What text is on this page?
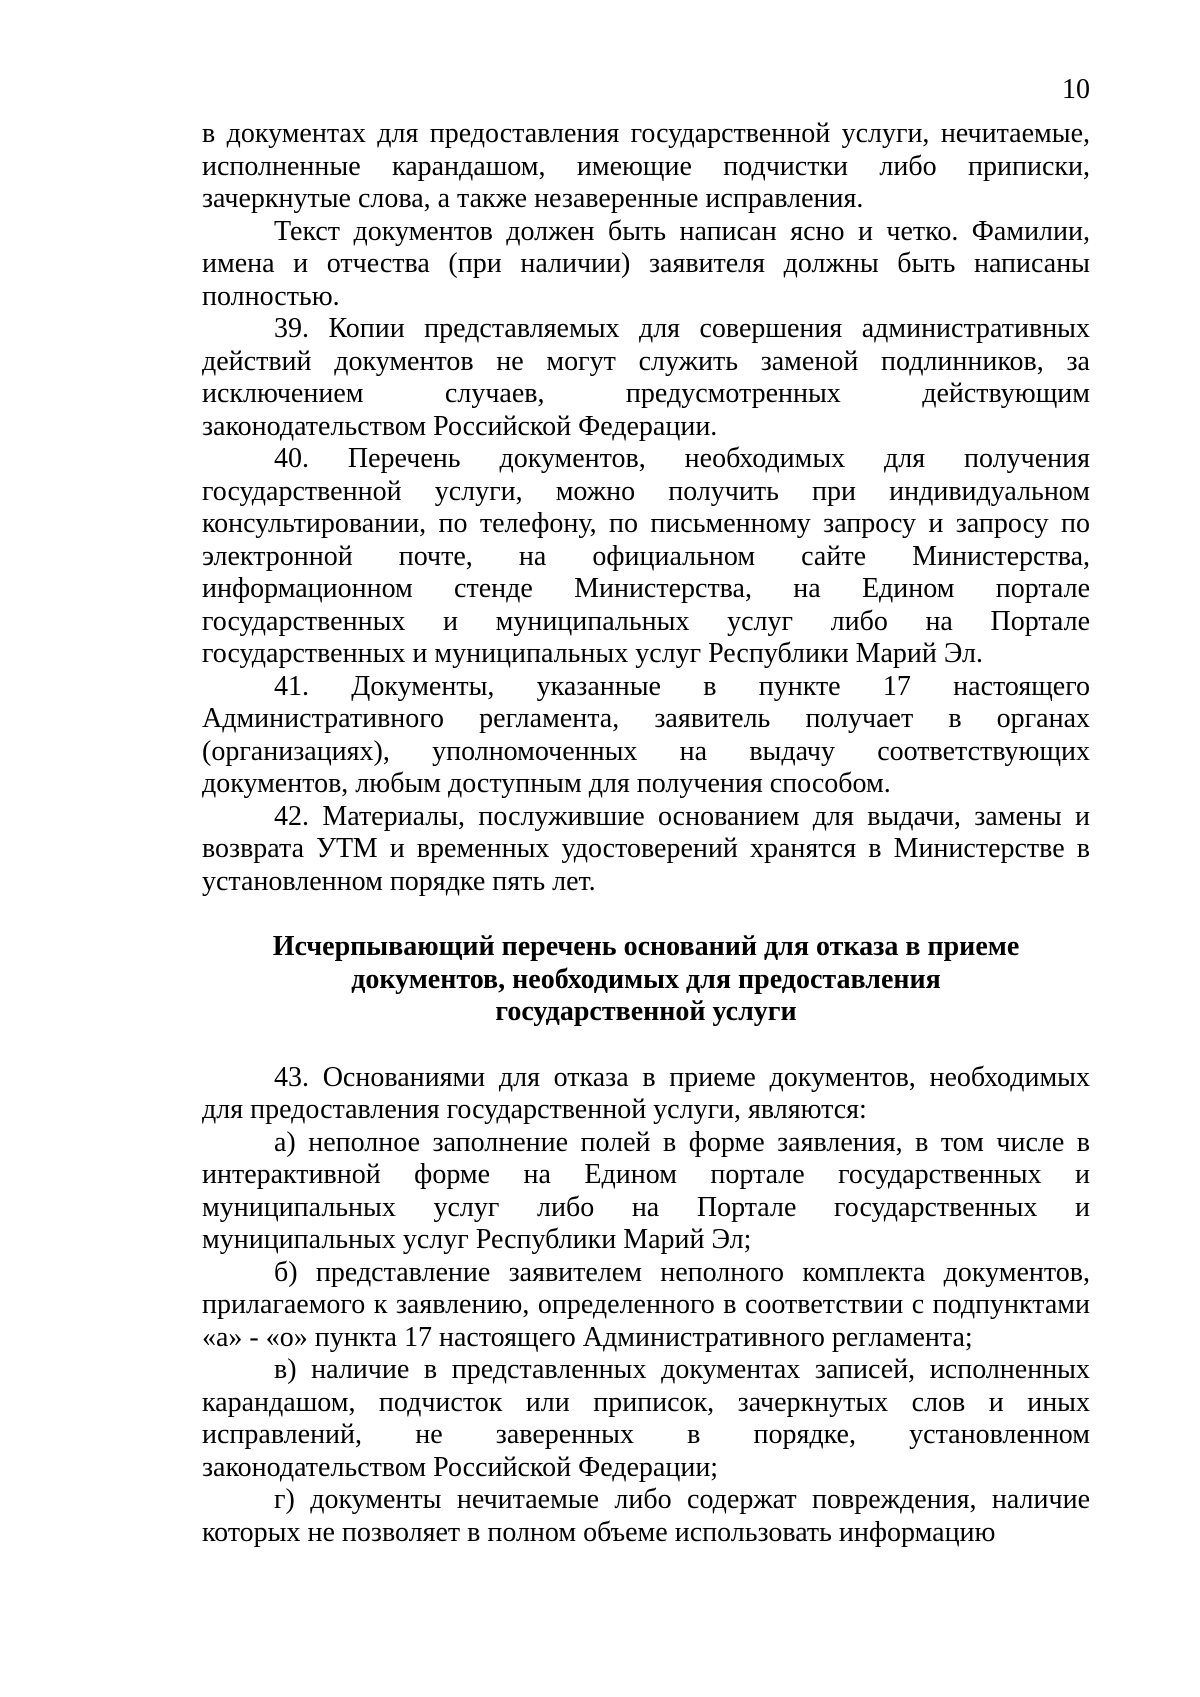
10

в документах для предоставления государственной услуги, нечитаемые, исполненные карандашом, имеющие подчистки либо приписки, зачеркнутые слова, а также незаверенные исправления.

Текст документов должен быть написан ясно и четко. Фамилии, имена и отчества (при наличии) заявителя должны быть написаны полностью.

39. Копии представляемых для совершения административных действий документов не могут служить заменой подлинников, за исключением случаев, предусмотренных действующим законодательством Российской Федерации.

40. Перечень документов, необходимых для получения государственной услуги, можно получить при индивидуальном консультировании, по телефону, по письменному запросу и запросу по электронной почте, на официальном сайте Министерства, информационном стенде Министерства, на Едином портале государственных и муниципальных услуг либо на Портале государственных и муниципальных услуг Республики Марий Эл.

41. Документы, указанные в пункте 17 настоящего Административного регламента, заявитель получает в органах (организациях), уполномоченных на выдачу соответствующих документов, любым доступным для получения способом.

42. Материалы, послужившие основанием для выдачи, замены и возврата УТМ и временных удостоверений хранятся в Министерстве в установленном порядке пять лет.

Исчерпывающий перечень оснований для отказа в приеме
документов, необходимых для предоставления
государственной услуги

43. Основаниями для отказа в приеме документов, необходимых для предоставления государственной услуги, являются:

а) неполное заполнение полей в форме заявления, в том числе в интерактивной форме на Едином портале государственных и муниципальных услуг либо на Портале государственных и муниципальных услуг Республики Марий Эл;

б) представление заявителем неполного комплекта документов, прилагаемого к заявлению, определенного в соответствии с подпунктами «а» - «о» пункта 17 настоящего Административного регламента;

в) наличие в представленных документах записей, исполненных карандашом, подчисток или приписок, зачеркнутых слов и иных исправлений, не заверенных в порядке, установленном законодательством Российской Федерации;

г) документы нечитаемые либо содержат повреждения, наличие которых не позволяет в полном объеме использовать информацию
